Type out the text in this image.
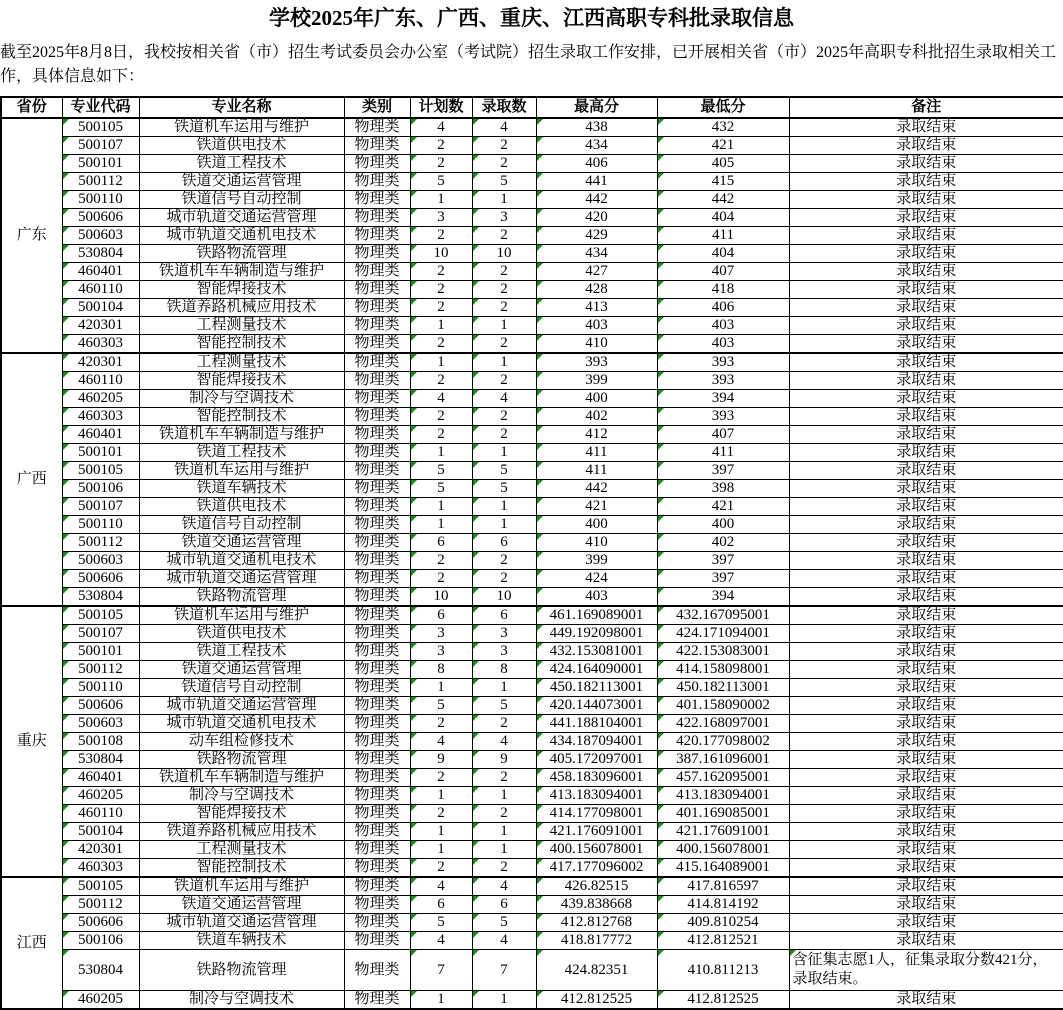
学校2025年广东、广西、重庆、江西高职专科批录取信息
截至2025年8月8日，我校按相关省（市）招生考试委员会办公室（考试院）招生录取工作安排，已开展相关省（市）2025年高职专科批招生录取相关工作，具体信息如下：
省份	专业代码	专业名称	类别	计划数	录取数	最高分	最低分	备注
广东	500105	铁道机车运用与维护	物理类	4	4	438	432	录取结束
	500107	铁道供电技术	物理类	2	2	434	421	录取结束
	500101	铁道工程技术	物理类	2	2	406	405	录取结束
	500112	铁道交通运营管理	物理类	5	5	441	415	录取结束
	500110	铁道信号自动控制	物理类	1	1	442	442	录取结束
	500606	城市轨道交通运营管理	物理类	3	3	420	404	录取结束
	500603	城市轨道交通机电技术	物理类	2	2	429	411	录取结束
	530804	铁路物流管理	物理类	10	10	434	404	录取结束
	460401	铁道机车车辆制造与维护	物理类	2	2	427	407	录取结束
	460110	智能焊接技术	物理类	2	2	428	418	录取结束
	500104	铁道养路机械应用技术	物理类	2	2	413	406	录取结束
	420301	工程测量技术	物理类	1	1	403	403	录取结束
	460303	智能控制技术	物理类	2	2	410	403	录取结束
广西	420301	工程测量技术	物理类	1	1	393	393	录取结束
	460110	智能焊接技术	物理类	2	2	399	393	录取结束
	460205	制冷与空调技术	物理类	4	4	400	394	录取结束
	460303	智能控制技术	物理类	2	2	402	393	录取结束
	460401	铁道机车车辆制造与维护	物理类	2	2	412	407	录取结束
	500101	铁道工程技术	物理类	1	1	411	411	录取结束
	500105	铁道机车运用与维护	物理类	5	5	411	397	录取结束
	500106	铁道车辆技术	物理类	5	5	442	398	录取结束
	500107	铁道供电技术	物理类	1	1	421	421	录取结束
	500110	铁道信号自动控制	物理类	1	1	400	400	录取结束
	500112	铁道交通运营管理	物理类	6	6	410	402	录取结束
	500603	城市轨道交通机电技术	物理类	2	2	399	397	录取结束
	500606	城市轨道交通运营管理	物理类	2	2	424	397	录取结束
	530804	铁路物流管理	物理类	10	10	403	394	录取结束
重庆	500105	铁道机车运用与维护	物理类	6	6	461.169089001	432.167095001	录取结束
	500107	铁道供电技术	物理类	3	3	449.192098001	424.171094001	录取结束
	500101	铁道工程技术	物理类	3	3	432.153081001	422.153083001	录取结束
	500112	铁道交通运营管理	物理类	8	8	424.164090001	414.158098001	录取结束
	500110	铁道信号自动控制	物理类	1	1	450.182113001	450.182113001	录取结束
	500606	城市轨道交通运营管理	物理类	5	5	420.144073001	401.158090002	录取结束
	500603	城市轨道交通机电技术	物理类	2	2	441.188104001	422.168097001	录取结束
	500108	动车组检修技术	物理类	4	4	434.187094001	420.177098002	录取结束
	530804	铁路物流管理	物理类	9	9	405.172097001	387.161096001	录取结束
	460401	铁道机车车辆制造与维护	物理类	2	2	458.183096001	457.162095001	录取结束
	460205	制冷与空调技术	物理类	1	1	413.183094001	413.183094001	录取结束
	460110	智能焊接技术	物理类	2	2	414.177098001	401.169085001	录取结束
	500104	铁道养路机械应用技术	物理类	1	1	421.176091001	421.176091001	录取结束
	420301	工程测量技术	物理类	1	1	400.156078001	400.156078001	录取结束
	460303	智能控制技术	物理类	2	2	417.177096002	415.164089001	录取结束
江西	500105	铁道机车运用与维护	物理类	4	4	426.82515	417.816597	录取结束
	500112	铁道交通运营管理	物理类	6	6	439.838668	414.814192	录取结束
	500606	城市轨道交通运营管理	物理类	5	5	412.812768	409.810254	录取结束
	500106	铁道车辆技术	物理类	4	4	418.817772	412.812521	录取结束
	530804	铁路物流管理	物理类	7	7	424.82351	410.811213	含征集志愿1人，征集录取分数421分，录取结束。
	460205	制冷与空调技术	物理类	1	1	412.812525	412.812525	录取结束
